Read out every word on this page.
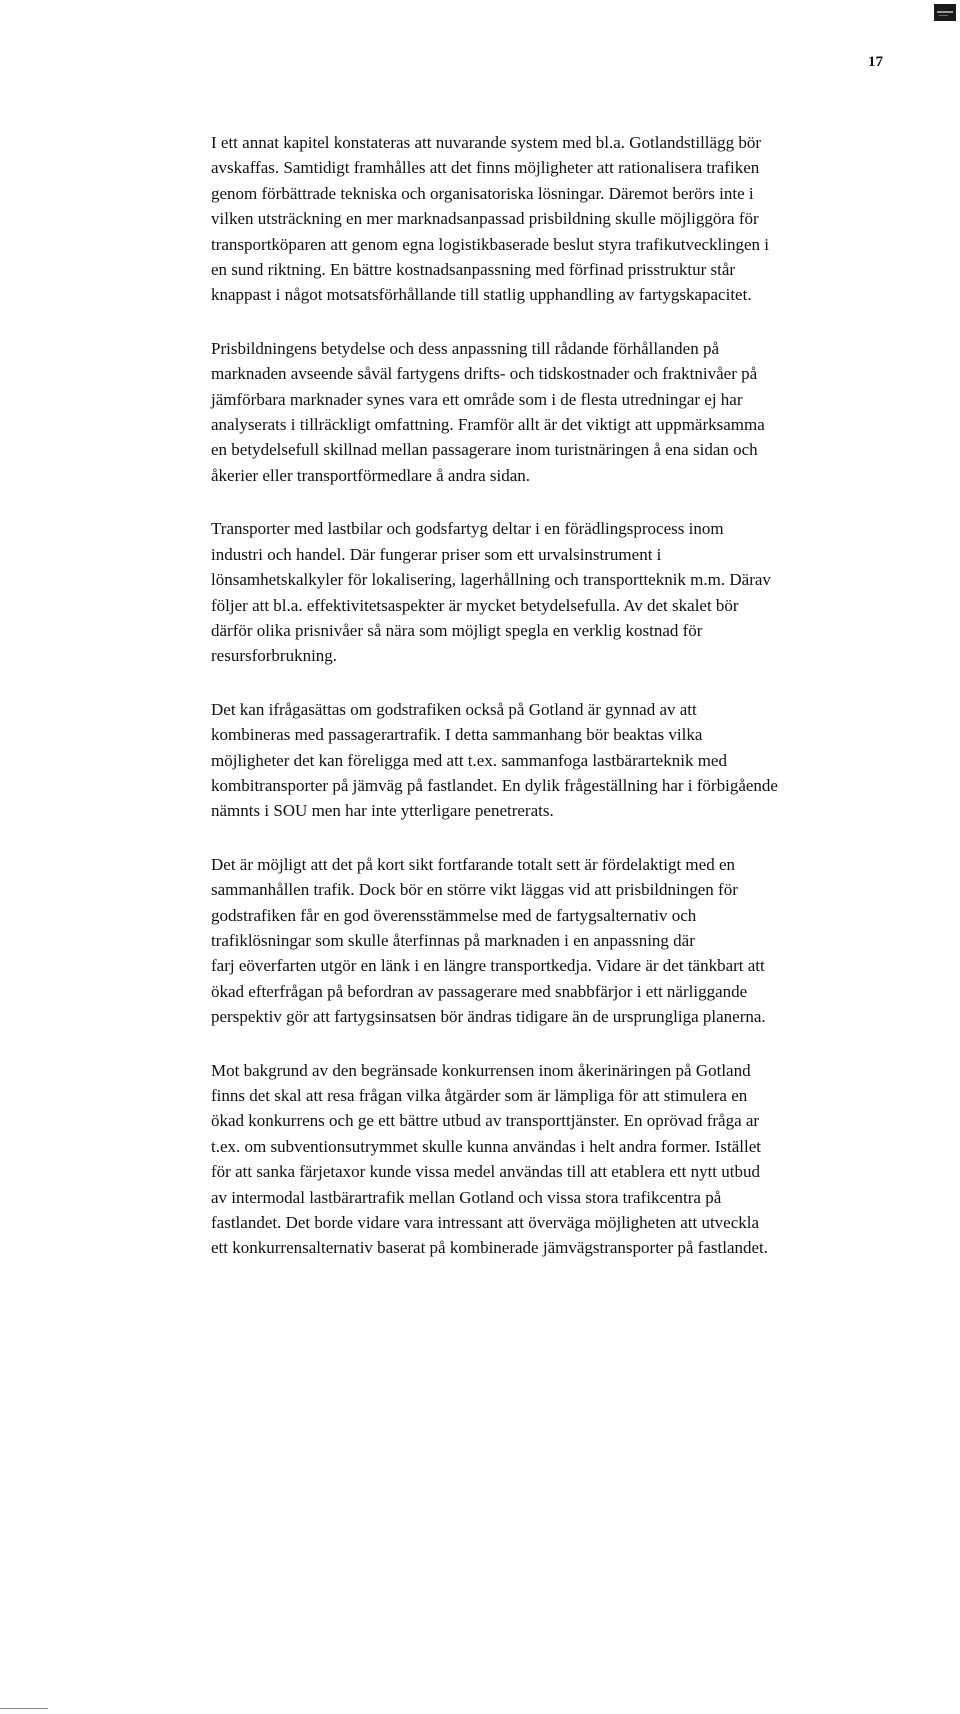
17

I ett annat kapitel konstateras att nuvarande system med bl.a. Gotlandstillägg bör
avskaffas. Samtidigt framhålles att det finns möjligheter att rationalisera trafiken
genom förbättrade tekniska och organisatoriska lösningar. Däremot berörs inte i
vilken utsträckning en mer marknadsanpassad prisbildning skulle möjliggöra för
transportköparen att genom egna logistikbaserade beslut styra trafikutvecklingen i
en sund riktning. En bättre kostnadsanpassning med förfinad prisstruktur står
knappast i något motsatsförhållande till statlig upphandling av fartygskapacitet.

Prisbildningens betydelse och dess anpassning till rådande förhållanden på
marknaden avseende såväl fartygens drifts- och tidskostnader och fraktnivåer på
jämförbara marknader synes vara ett område som i de flesta utredningar ej har
analyserats i tillräckligt omfattning. Framför allt är det viktigt att uppmärksamma
en betydelsefull skillnad mellan passagerare inom turistnäringen å ena sidan och
åkerier eller transportförmedlare å andra sidan.

Transporter med lastbilar och godsfartyg deltar i en förädlingsprocess inom
industri och handel. Där fungerar priser som ett urvalsinstrument i
lönsamhetskalkyler för lokalisering, lagerhållning och transportteknik m.m. Därav
följer att bl.a. effektivitetsaspekter är mycket betydelsefulla. Av det skalet bör
därför olika prisnivåer så nära som möjligt spegla en verklig kostnad för
resursforbrukning.

Det kan ifrågasättas om godstrafiken också på Gotland är gynnad av att
kombineras med passagerartrafik. I detta sammanhang bör beaktas vilka
möjligheter det kan föreligga med att t.ex. sammanfoga lastbärarteknik med
kombitransporter på jämväg på fastlandet. En dylik frågeställning har i förbigående
nämnts i SOU men har inte ytterligare penetrerats.

Det är möjligt att det på kort sikt fortfarande totalt sett är fördelaktigt med en
sammanhållen trafik. Dock bör en större vikt läggas vid att prisbildningen för
godstrafiken får en god överensstämmelse med de fartygsalternativ och
trafiklösningar som skulle återfinnas på marknaden i en anpassning där
farj eöverfarten utgör en länk i en längre transportkedja. Vidare är det tänkbart att
ökad efterfrågan på befordran av passagerare med snabbfärjor i ett närliggande
perspektiv gör att fartygsinsatsen bör ändras tidigare än de ursprungliga planerna.

Mot bakgrund av den begränsade konkurrensen inom åkerinäringen på Gotland
finns det skal att resa frågan vilka åtgärder som är lämpliga för att stimulera en
ökad konkurrens och ge ett bättre utbud av transporttjänster. En oprövad fråga ar
t.ex. om subventionsutrymmet skulle kunna användas i helt andra former. Istället
för att sanka färjetaxor kunde vissa medel användas till att etablera ett nytt utbud
av intermodal lastbärartrafik mellan Gotland och vissa stora trafikcentra på
fastlandet. Det borde vidare vara intressant att överväga möjligheten att utveckla
ett konkurrensalternativ baserat på kombinerade jämvägstransporter på fastlandet.
